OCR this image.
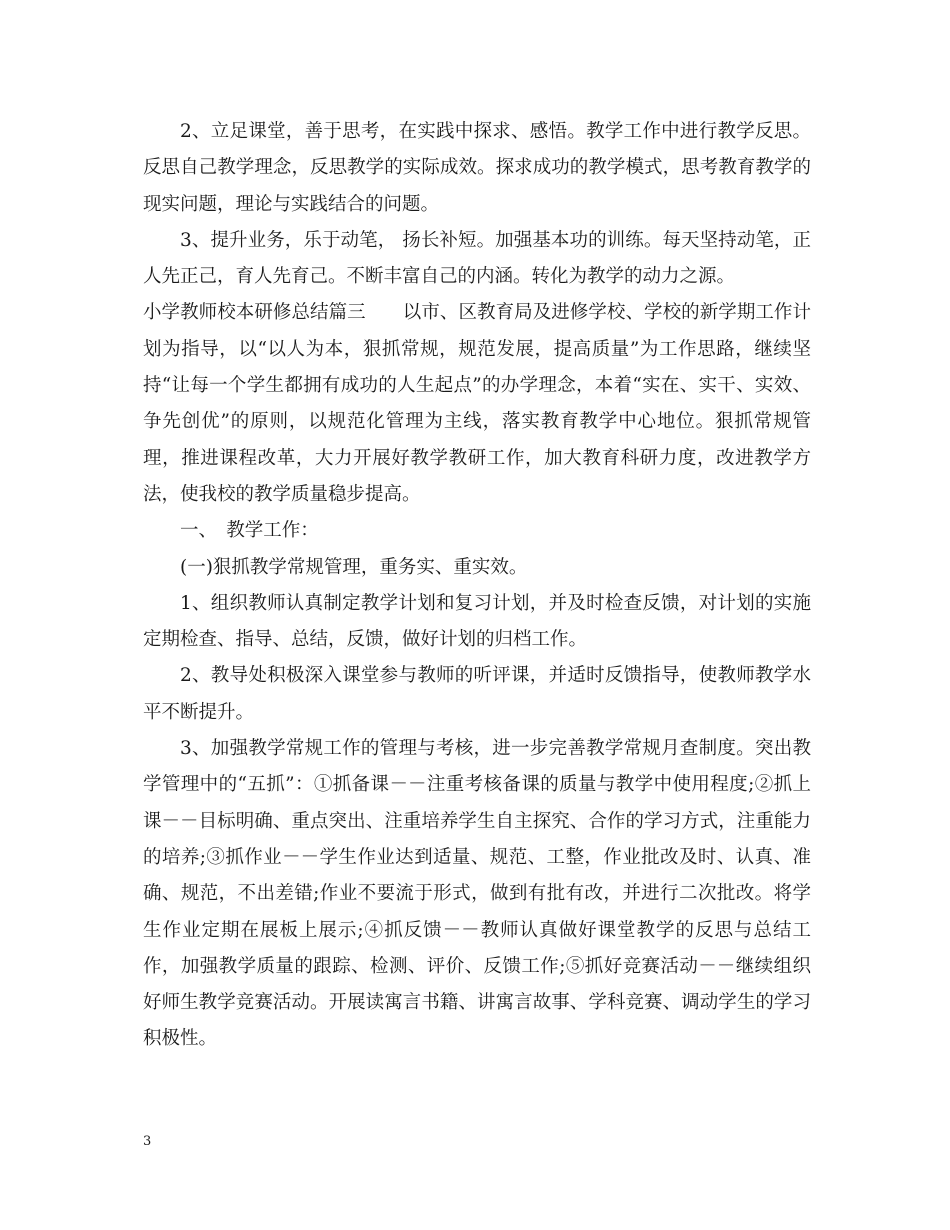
2、立足课堂，善于思考，在实践中探求、感悟。教学工作中进行教学反思。反思自己教学理念，反思教学的实际成效。探求成功的教学模式，思考教育教学的现实问题，理论与实践结合的问题。

3、提升业务，乐于动笔， 扬长补短。加强基本功的训练。每天坚持动笔，正人先正己，育人先育己。不断丰富自己的内涵。转化为教学的动力之源。

小学教师校本研修总结篇三　　以市、区教育局及进修学校、学校的新学期工作计划为指导，以“以人为本，狠抓常规，规范发展，提高质量”为工作思路，继续坚持“让每一个学生都拥有成功的人生起点”的办学理念，本着“实在、实干、实效、争先创优”的原则，以规范化管理为主线，落实教育教学中心地位。狠抓常规管理，推进课程改革，大力开展好教学教研工作，加大教育科研力度，改进教学方法，使我校的教学质量稳步提高。

一、　教学工作：

(一)狠抓教学常规管理，重务实、重实效。

1、组织教师认真制定教学计划和复习计划，并及时检查反馈，对计划的实施定期检查、指导、总结，反馈，做好计划的归档工作。

2、教导处积极深入课堂参与教师的听评课，并适时反馈指导，使教师教学水平不断提升。

3、加强教学常规工作的管理与考核，进一步完善教学常规月查制度。突出教学管理中的“五抓”：①抓备课－－注重考核备课的质量与教学中使用程度;②抓上课－－目标明确、重点突出、注重培养学生自主探究、合作的学习方式，注重能力的培养;③抓作业－－学生作业达到适量、规范、工整，作业批改及时、认真、准确、规范，不出差错;作业不要流于形式，做到有批有改，并进行二次批改。将学生作业定期在展板上展示;④抓反馈－－教师认真做好课堂教学的反思与总结工作，加强教学质量的跟踪、检测、评价、反馈工作;⑤抓好竞赛活动－－继续组织好师生教学竞赛活动。开展读寓言书籍、讲寓言故事、学科竞赛、调动学生的学习积极性。

3
